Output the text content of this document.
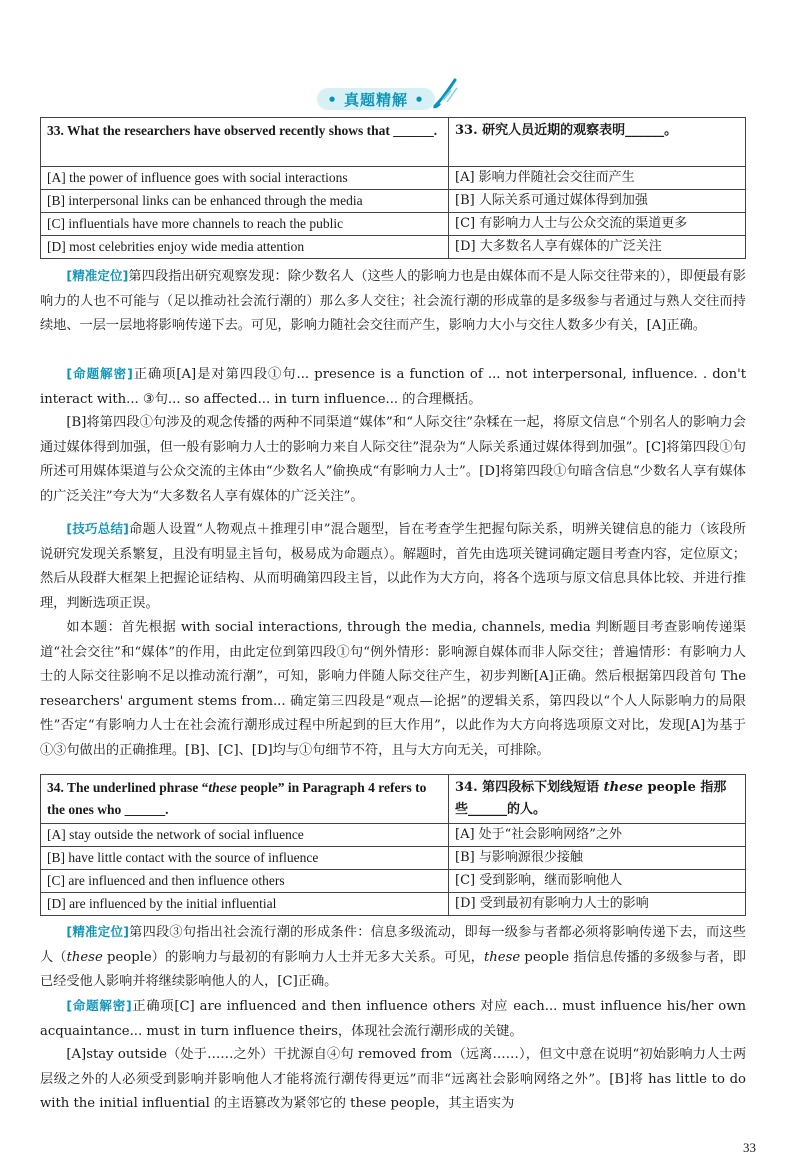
• 真题精解 •
33. What the researchers have observed recently shows that ______.	33. 研究人员近期的观察表明______。
[A] the power of influence goes with social interactions	[A] 影响力伴随社会交往而产生
[B] interpersonal links can be enhanced through the media	[B] 人际关系可通过媒体得到加强
[C] influentials have more channels to reach the public	[C] 有影响力人士与公众交流的渠道更多
[D] most celebrities enjoy wide media attention	[D] 大多数名人享有媒体的广泛关注
[精准定位]第四段指出研究观察发现：除少数名人（这些人的影响力也是由媒体而不是人际交往带来的），即便最有影响力的人也不可能与（足以推动社会流行潮的）那么多人交往；社会流行潮的形成靠的是多级参与者通过与熟人交往而持续地、一层一层地将影响传递下去。可见，影响力随社会交往而产生，影响力大小与交往人数多少有关，[A]正确。
[命题解密]正确项[A]是对第四段①句... presence is a function of ... not interpersonal, influence. . don't interact with... ③句... so affected... in turn influence... 的合理概括。
[B]将第四段①句涉及的观念传播的两种不同渠道“媒体”和“人际交往”杂糅在一起，将原文信息“个别名人的影响力会通过媒体得到加强，但一般有影响力人士的影响力来自人际交往”混杂为“人际关系通过媒体得到加强”。[C]将第四段①句所述可用媒体渠道与公众交流的主体由“少数名人”偷换成“有影响力人士”。[D]将第四段①句暗含信息“少数名人享有媒体的广泛关注”夸大为“大多数名人享有媒体的广泛关注”。
[技巧总结]命题人设置“人物观点＋推理引申”混合题型，旨在考查学生把握句际关系，明辨关键信息的能力（该段所说研究发现关系繁复，且没有明显主旨句，极易成为命题点）。解题时，首先由选项关键词确定题目考查内容，定位原文；然后从段群大框架上把握论证结构、从而明确第四段主旨，以此作为大方向，将各个选项与原文信息具体比较、并进行推理，判断选项正误。
如本题：首先根据 with social interactions, through the media, channels, media 判断题目考查影响传递渠道“社会交往”和“媒体”的作用，由此定位到第四段①句“例外情形：影响源自媒体而非人际交往；普遍情形：有影响力人士的人际交往影响不足以推动流行潮”，可知，影响力伴随人际交往产生，初步判断[A]正确。然后根据第四段首句 The researchers' argument stems from... 确定第三四段是“观点—论据”的逻辑关系，第四段以“个人人际影响力的局限性”否定“有影响力人士在社会流行潮形成过程中所起到的巨大作用”，以此作为大方向将选项原文对比，发现[A]为基于①③句做出的正确推理。[B]、[C]、[D]均与①句细节不符，且与大方向无关，可排除。
34. The underlined phrase “these people” in Paragraph 4 refers to the ones who ______.	34. 第四段标下划线短语 these people 指那些______的人。
[A] stay outside the network of social influence	[A] 处于“社会影响网络”之外
[B] have little contact with the source of influence	[B] 与影响源很少接触
[C] are influenced and then influence others	[C] 受到影响，继而影响他人
[D] are influenced by the initial influential	[D] 受到最初有影响力人士的影响
[精准定位]第四段③句指出社会流行潮的形成条件：信息多级流动，即每一级参与者都必须将影响传递下去，而这些人（these people）的影响力与最初的有影响力人士并无多大关系。可见，these people 指信息传播的多级参与者，即已经受他人影响并将继续影响他人的人，[C]正确。
[命题解密]正确项[C] are influenced and then influence others 对应 each... must influence his/her own acquaintance... must in turn influence theirs，体现社会流行潮形成的关键。
[A]stay outside（处于……之外）干扰源自④句 removed from（远离……），但文中意在说明“初始影响力人士两层级之外的人必须受到影响并影响他人才能将流行潮传得更远”而非“远离社会影响网络之外”。[B]将 has little to do with the initial influential 的主语篡改为紧邻它的 these people，其主语实为
33
